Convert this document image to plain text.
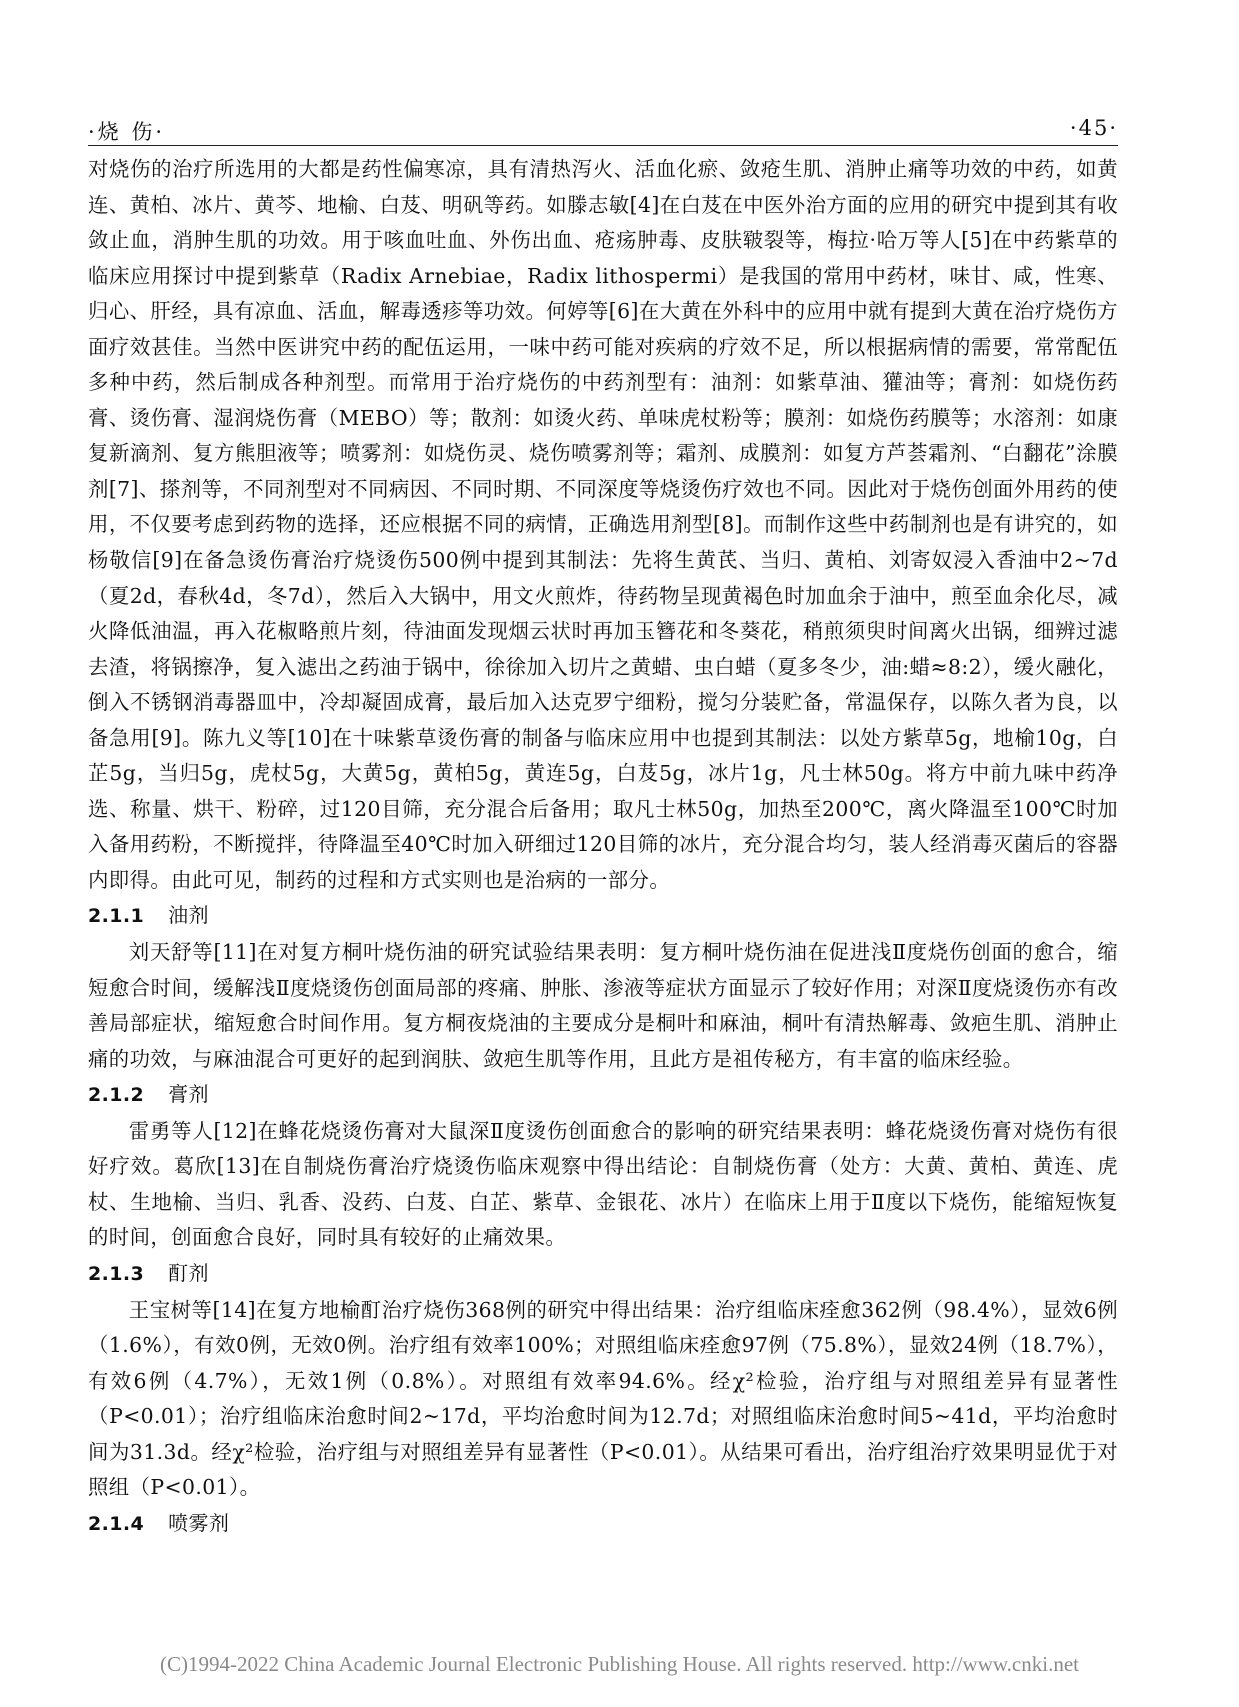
·烧 伤·	·45·

对烧伤的治疗所选用的大都是药性偏寒凉，具有清热泻火、活血化瘀、敛疮生肌、消肿止痛等功效的中药，如黄连、黄柏、冰片、黄芩、地榆、白芨、明矾等药。如滕志敏[4]在白芨在中医外治方面的应用的研究中提到其有收敛止血，消肿生肌的功效。用于咳血吐血、外伤出血、疮疡肿毒、皮肤皲裂等，梅拉·哈万等人[5]在中药紫草的临床应用探讨中提到紫草（Radix Arnebiae，Radix lithospermi）是我国的常用中药材，味甘、咸，性寒、归心、肝经，具有凉血、活血，解毒透疹等功效。何婷等[6]在大黄在外科中的应用中就有提到大黄在治疗烧伤方面疗效甚佳。当然中医讲究中药的配伍运用，一味中药可能对疾病的疗效不足，所以根据病情的需要，常常配伍多种中药，然后制成各种剂型。而常用于治疗烧伤的中药剂型有：油剂：如紫草油、獾油等；膏剂：如烧伤药膏、烫伤膏、湿润烧伤膏（MEBO）等；散剂：如烫火药、单味虎杖粉等；膜剂：如烧伤药膜等；水溶剂：如康复新滴剂、复方熊胆液等；喷雾剂：如烧伤灵、烧伤喷雾剂等；霜剂、成膜剂：如复方芦荟霜剂、“白翻花”涂膜剂[7]、搽剂等，不同剂型对不同病因、不同时期、不同深度等烧烫伤疗效也不同。因此对于烧伤创面外用药的使用，不仅要考虑到药物的选择，还应根据不同的病情，正确选用剂型[8]。而制作这些中药制剂也是有讲究的，如杨敬信[9]在备急烫伤膏治疗烧烫伤500例中提到其制法：先将生黄芪、当归、黄柏、刘寄奴浸入香油中2~7d（夏2d，春秋4d，冬7d），然后入大锅中，用文火煎炸，待药物呈现黄褐色时加血余于油中，煎至血余化尽，减火降低油温，再入花椒略煎片刻，待油面发现烟云状时再加玉簪花和冬葵花，稍煎须臾时间离火出锅，细辨过滤去渣，将锅擦净，复入滤出之药油于锅中，徐徐加入切片之黄蜡、虫白蜡（夏多冬少，油:蜡≈8:2），缓火融化，倒入不锈钢消毒器皿中，冷却凝固成膏，最后加入达克罗宁细粉，搅匀分装贮备，常温保存，以陈久者为良，以备急用[9]。陈九义等[10]在十味紫草烫伤膏的制备与临床应用中也提到其制法：以处方紫草5g，地榆10g，白芷5g，当归5g，虎杖5g，大黄5g，黄柏5g，黄连5g，白芨5g，冰片1g，凡士林50g。将方中前九味中药净选、称量、烘干、粉碎，过120目筛，充分混合后备用；取凡士林50g，加热至200℃，离火降温至100℃时加入备用药粉，不断搅拌，待降温至40℃时加入研细过120目筛的冰片，充分混合均匀，装人经消毒灭菌后的容器内即得。由此可见，制药的过程和方式实则也是治病的一部分。

2.1.1 油剂

刘天舒等[11]在对复方桐叶烧伤油的研究试验结果表明：复方桐叶烧伤油在促进浅Ⅱ度烧伤创面的愈合，缩短愈合时间，缓解浅Ⅱ度烧烫伤创面局部的疼痛、肿胀、渗液等症状方面显示了较好作用；对深Ⅱ度烧烫伤亦有改善局部症状，缩短愈合时间作用。复方桐夜烧油的主要成分是桐叶和麻油，桐叶有清热解毒、敛疤生肌、消肿止痛的功效，与麻油混合可更好的起到润肤、敛疤生肌等作用，且此方是祖传秘方，有丰富的临床经验。

2.1.2 膏剂

雷勇等人[12]在蜂花烧烫伤膏对大鼠深Ⅱ度烫伤创面愈合的影响的研究结果表明：蜂花烧烫伤膏对烧伤有很好疗效。葛欣[13]在自制烧伤膏治疗烧烫伤临床观察中得出结论：自制烧伤膏（处方：大黄、黄柏、黄连、虎杖、生地榆、当归、乳香、没药、白芨、白芷、紫草、金银花、冰片）在临床上用于Ⅱ度以下烧伤，能缩短恢复的时间，创面愈合良好，同时具有较好的止痛效果。

2.1.3 酊剂

王宝树等[14]在复方地榆酊治疗烧伤368例的研究中得出结果：治疗组临床痊愈362例（98.4%），显效6例（1.6%），有效0例，无效0例。治疗组有效率100%；对照组临床痊愈97例（75.8%），显效24例（18.7%），有效6例（4.7%），无效1例（0.8%）。对照组有效率94.6%。经χ²检验，治疗组与对照组差异有显著性（P<0.01）；治疗组临床治愈时间2~17d，平均治愈时间为12.7d；对照组临床治愈时间5~41d，平均治愈时间为31.3d。经χ²检验，治疗组与对照组差异有显著性（P<0.01）。从结果可看出，治疗组治疗效果明显优于对照组（P<0.01）。

2.1.4 喷雾剂

(C)1994-2022 China Academic Journal Electronic Publishing House. All rights reserved. http://www.cnki.net
